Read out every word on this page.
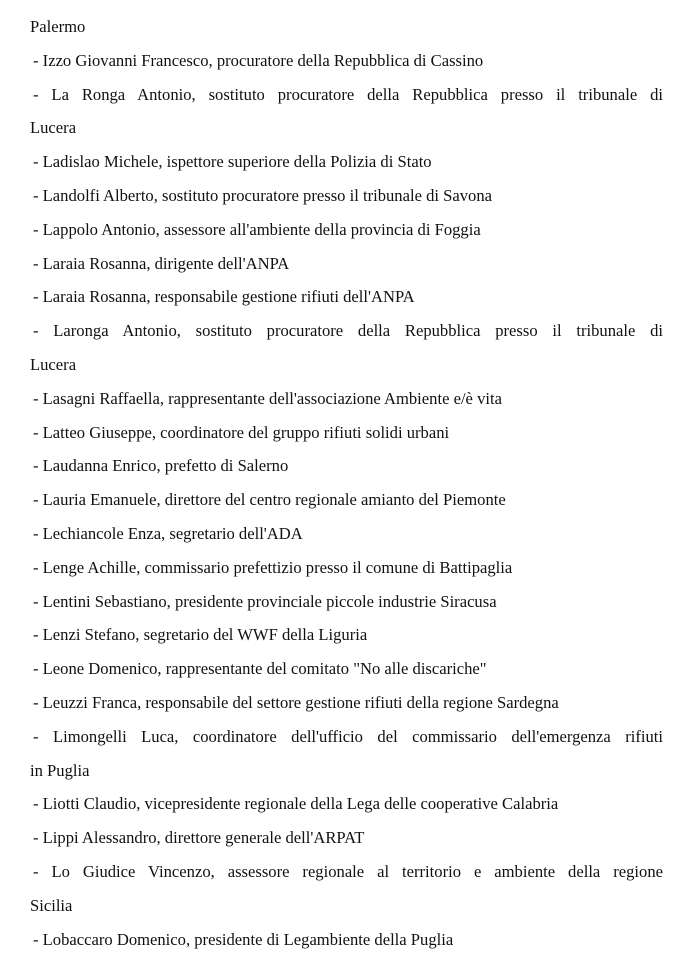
Palermo
- Izzo Giovanni Francesco, procuratore della Repubblica di Cassino
- La Ronga Antonio, sostituto procuratore della Repubblica presso il tribunale di
Lucera
- Ladislao Michele, ispettore superiore della Polizia di Stato
- Landolfi Alberto, sostituto procuratore presso il tribunale di Savona
- Lappolo Antonio, assessore all'ambiente della provincia di Foggia
- Laraia Rosanna, dirigente dell'ANPA
- Laraia Rosanna, responsabile gestione rifiuti dell'ANPA
- Laronga Antonio, sostituto procuratore della Repubblica presso il tribunale di
Lucera
- Lasagni Raffaella, rappresentante dell'associazione Ambiente e/è vita
- Latteo Giuseppe, coordinatore del gruppo rifiuti solidi urbani
- Laudanna Enrico, prefetto di Salerno
- Lauria Emanuele, direttore del centro regionale amianto del Piemonte
- Lechiancole Enza, segretario dell'ADA
- Lenge Achille, commissario prefettizio presso il comune di Battipaglia
- Lentini Sebastiano, presidente provinciale piccole industrie Siracusa
- Lenzi Stefano, segretario del WWF della Liguria
- Leone Domenico, rappresentante del comitato "No alle discariche"
- Leuzzi Franca, responsabile del settore gestione rifiuti della regione Sardegna
- Limongelli Luca, coordinatore dell'ufficio del commissario dell'emergenza rifiuti
in Puglia
- Liotti Claudio, vicepresidente regionale della Lega delle cooperative Calabria
- Lippi Alessandro, direttore generale dell'ARPAT
- Lo Giudice Vincenzo, assessore regionale al territorio e ambiente della regione
Sicilia
- Lobaccaro Domenico, presidente di Legambiente della Puglia
